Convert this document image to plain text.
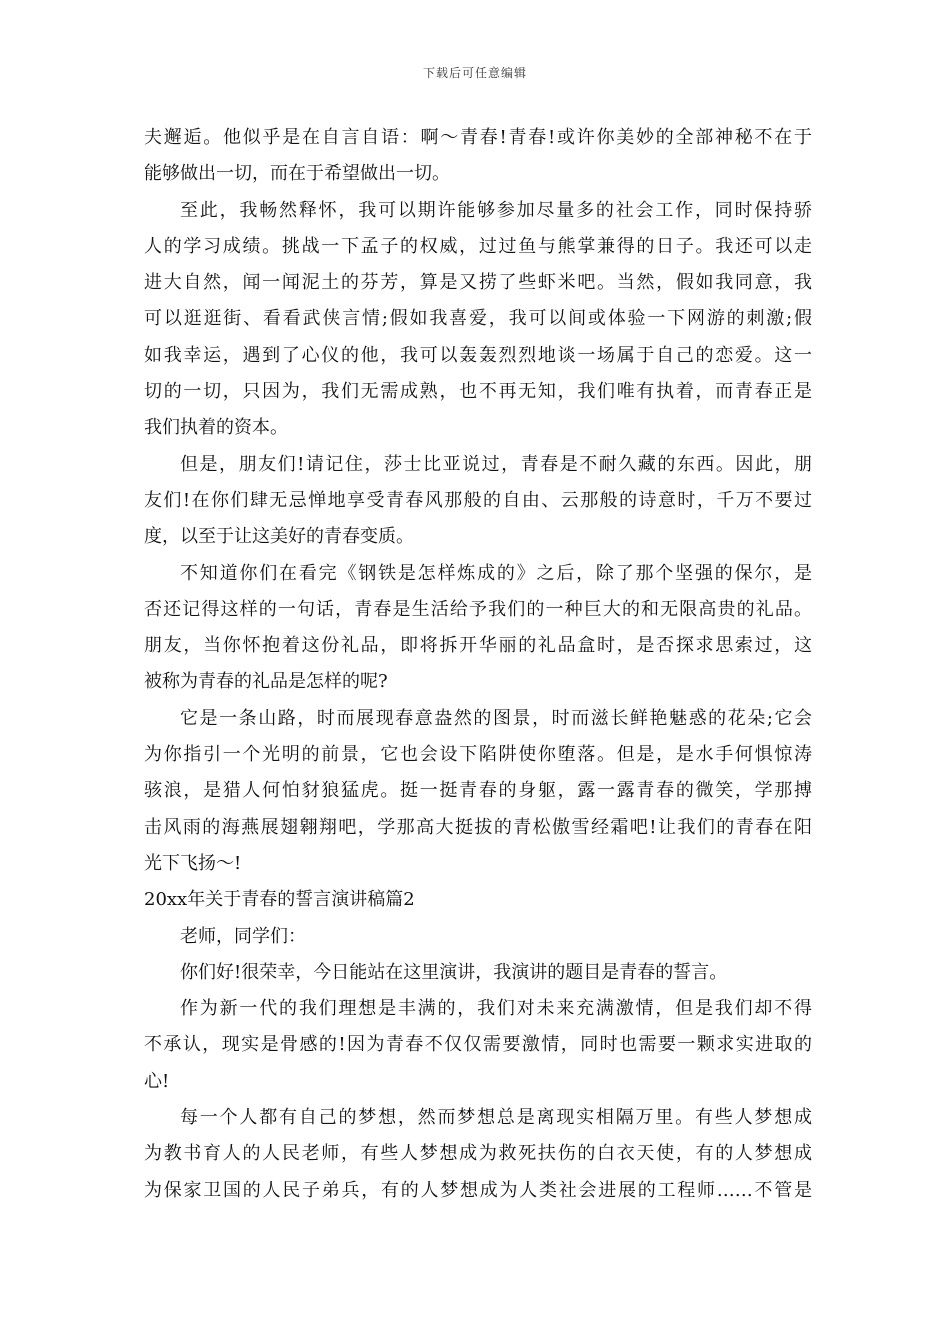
下载后可任意编辑
夫邂逅。他似乎是在自言自语：啊～青春!青春!或许你美妙的全部神秘不在于
能够做出一切，而在于希望做出一切。
至此，我畅然释怀，我可以期许能够参加尽量多的社会工作，同时保持骄
人的学习成绩。挑战一下孟子的权威，过过鱼与熊掌兼得的日子。我还可以走
进大自然，闻一闻泥土的芬芳，算是又捞了些虾米吧。当然，假如我同意，我
可以逛逛街、看看武侠言情;假如我喜爱，我可以间或体验一下网游的刺激;假
如我幸运，遇到了心仪的他，我可以轰轰烈烈地谈一场属于自己的恋爱。这一
切的一切，只因为，我们无需成熟，也不再无知，我们唯有执着，而青春正是
我们执着的资本。
但是，朋友们!请记住，莎士比亚说过，青春是不耐久藏的东西。因此，朋
友们!在你们肆无忌惮地享受青春风那般的自由、云那般的诗意时，千万不要过
度，以至于让这美好的青春变质。
不知道你们在看完《钢铁是怎样炼成的》之后，除了那个坚强的保尔，是
否还记得这样的一句话，青春是生活给予我们的一种巨大的和无限高贵的礼品。
朋友，当你怀抱着这份礼品，即将拆开华丽的礼品盒时，是否探求思索过，这
被称为青春的礼品是怎样的呢?
它是一条山路，时而展现春意盎然的图景，时而滋长鲜艳魅惑的花朵;它会
为你指引一个光明的前景，它也会设下陷阱使你堕落。但是，是水手何惧惊涛
骇浪，是猎人何怕豺狼猛虎。挺一挺青春的身躯，露一露青春的微笑，学那搏
击风雨的海燕展翅翱翔吧，学那高大挺拔的青松傲雪经霜吧!让我们的青春在阳
光下飞扬～!
20xx年关于青春的誓言演讲稿篇2
老师，同学们：
你们好!很荣幸，今日能站在这里演讲，我演讲的题目是青春的誓言。
作为新一代的我们理想是丰满的，我们对未来充满激情，但是我们却不得
不承认，现实是骨感的!因为青春不仅仅需要激情，同时也需要一颗求实进取的
心!
每一个人都有自己的梦想，然而梦想总是离现实相隔万里。有些人梦想成
为教书育人的人民老师，有些人梦想成为救死扶伤的白衣天使，有的人梦想成
为保家卫国的人民子弟兵，有的人梦想成为人类社会进展的工程师……不管是
